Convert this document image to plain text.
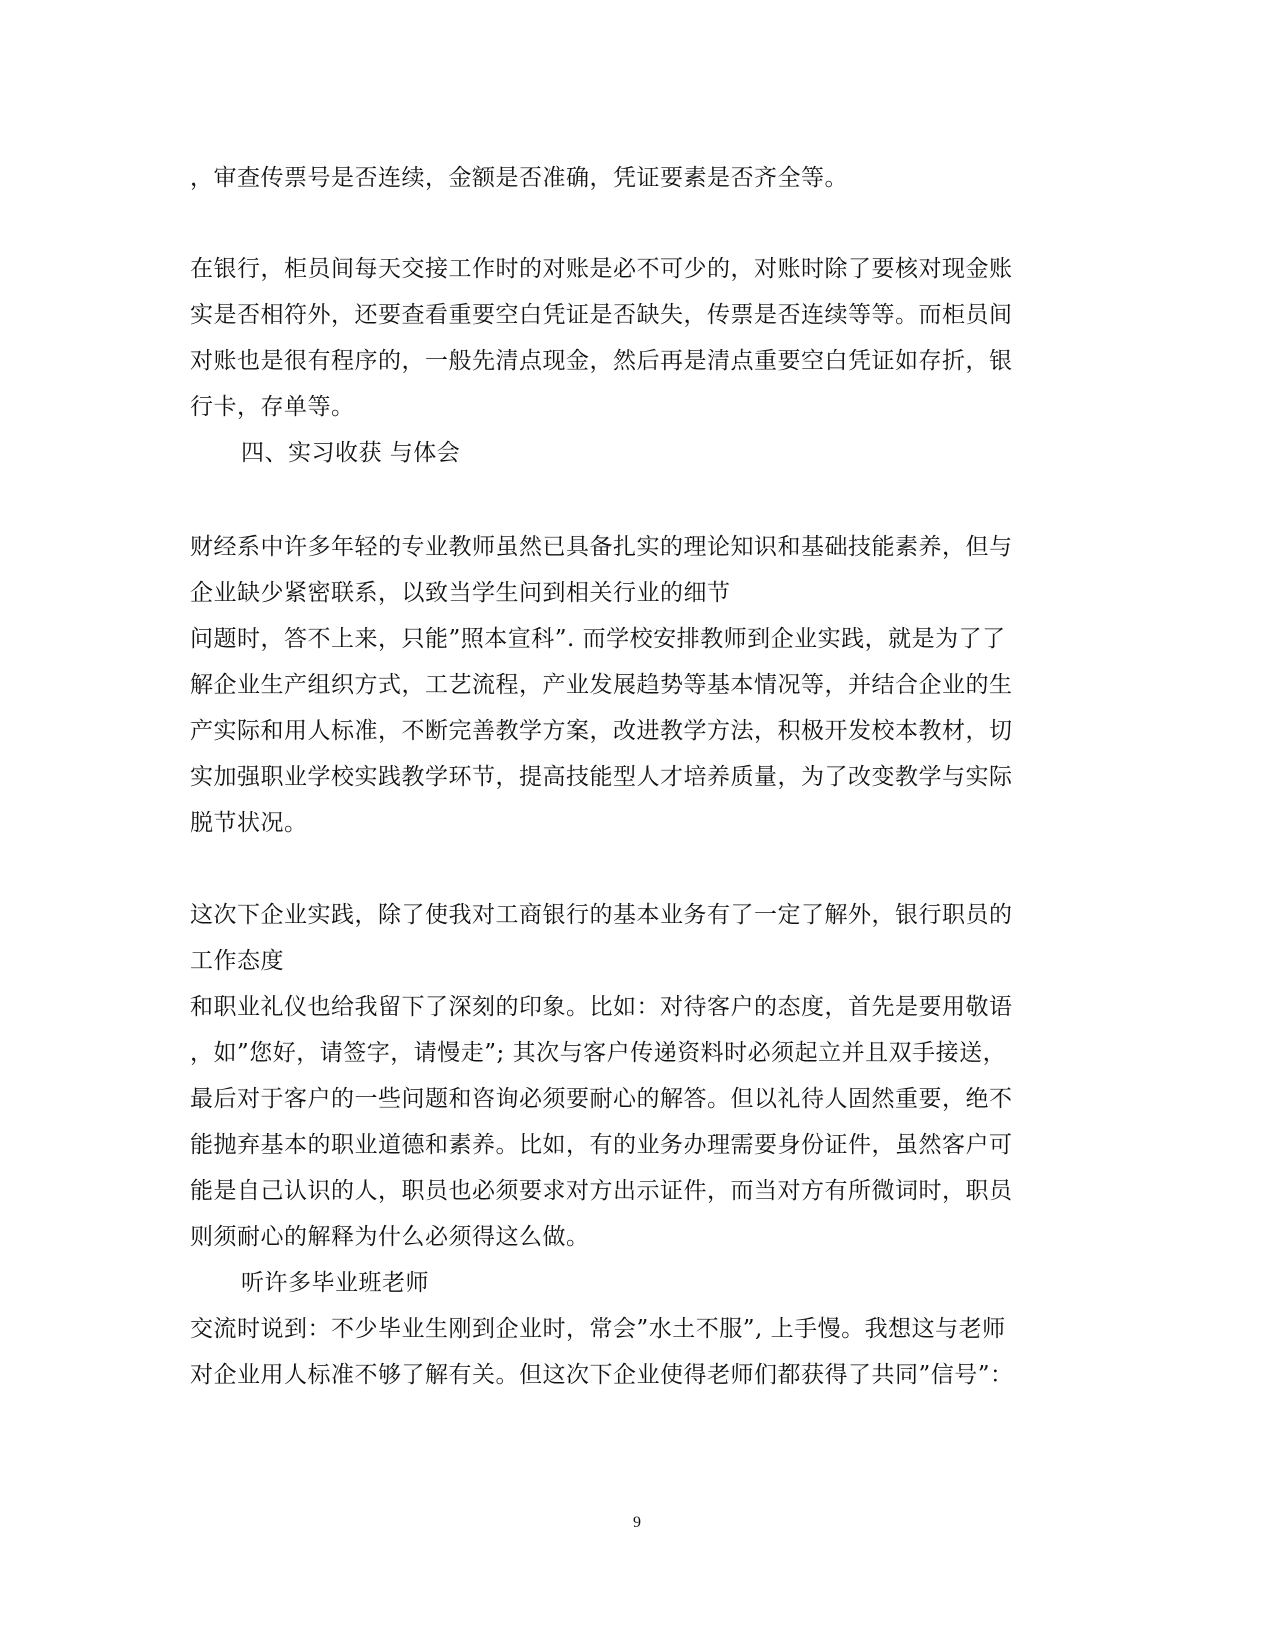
，审查传票号是否连续，金额是否准确，凭证要素是否齐全等。
在银行，柜员间每天交接工作时的对账是必不可少的，对账时除了要核对现金账
实是否相符外，还要查看重要空白凭证是否缺失，传票是否连续等等。而柜员间
对账也是很有程序的，一般先清点现金，然后再是清点重要空白凭证如存折，银
行卡，存单等。
四、实习收获 与体会
财经系中许多年轻的专业教师虽然已具备扎实的理论知识和基础技能素养，但与
企业缺少紧密联系，以致当学生问到相关行业的细节
问题时，答不上来，只能”照本宣科”. 而学校安排教师到企业实践，就是为了了
解企业生产组织方式，工艺流程，产业发展趋势等基本情况等，并结合企业的生
产实际和用人标准，不断完善教学方案，改进教学方法，积极开发校本教材，切
实加强职业学校实践教学环节，提高技能型人才培养质量，为了改变教学与实际
脱节状况。
这次下企业实践，除了使我对工商银行的基本业务有了一定了解外，银行职员的
工作态度
和职业礼仪也给我留下了深刻的印象。比如：对待客户的态度，首先是要用敬语
，如”您好，请签字，请慢走”; 其次与客户传递资料时必须起立并且双手接送，
最后对于客户的一些问题和咨询必须要耐心的解答。但以礼待人固然重要，绝不
能抛弃基本的职业道德和素养。比如，有的业务办理需要身份证件，虽然客户可
能是自己认识的人，职员也必须要求对方出示证件，而当对方有所微词时，职员
则须耐心的解释为什么必须得这么做。
听许多毕业班老师
交流时说到：不少毕业生刚到企业时，常会”水土不服”, 上手慢。我想这与老师
对企业用人标准不够了解有关。但这次下企业使得老师们都获得了共同”信号”：
9
